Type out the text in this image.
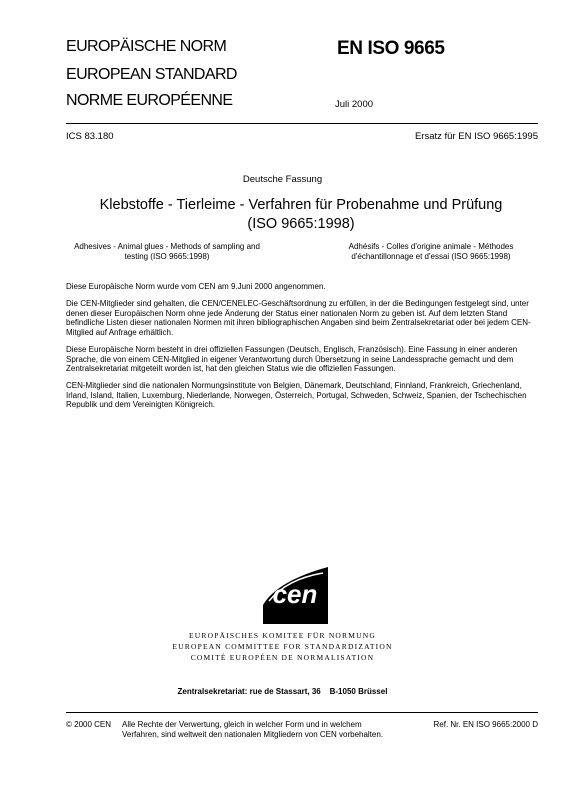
EUROPÄISCHE NORM
EUROPEAN STANDARD
NORME EUROPÉENNE
EN ISO 9665
Juli 2000
ICS 83.180	Ersatz für EN ISO 9665:1995
Deutsche Fassung
Klebstoffe - Tierleime - Verfahren für Probenahme und Prüfung
(ISO 9665:1998)
Adhesives - Animal glues - Methods of sampling and
testing (ISO 9665:1998)
Adhésifs - Colles d'origine animale - Méthodes
d'échantillonnage et d'essai (ISO 9665:1998)
Diese Europäische Norm wurde vom CEN am 9.Juni 2000 angenommen.
Die CEN-Mitglieder sind gehalten, die CEN/CENELEC-Geschäftsordnung zu erfüllen, in der die Bedingungen festgelegt sind, unter denen dieser Europäischen Norm ohne jede Änderung der Status einer nationalen Norm zu geben ist. Auf dem letzten Stand befindliche Listen dieser nationalen Normen mit ihren bibliographischen Angaben sind beim Zentralsekretariat oder bei jedem CEN-Mitglied auf Anfrage erhältlich.
Diese Europäische Norm besteht in drei offiziellen Fassungen (Deutsch, Englisch, Französisch). Eine Fassung in einer anderen Sprache, die von einem CEN-Mitglied in eigener Verantwortung durch Übersetzung in seine Landessprache gemacht und dem Zentralsekretariat mitgeteilt worden ist, hat den gleichen Status wie die offiziellen Fassungen.
CEN-Mitglieder sind die nationalen Normungsinstitute von Belgien, Dänemark, Deutschland, Finnland, Frankreich, Griechenland, Irland, Island, Italien, Luxemburg, Niederlande, Norwegen, Österreich, Portugal, Schweden, Schweiz, Spanien, der Tschechischen Republik und dem Vereinigten Königreich.
cen
EUROPÄISCHES KOMITEE FÜR NORMUNG
EUROPEAN COMMITTEE FOR STANDARDIZATION
COMITÉ EUROPÉEN DE NORMALISATION
Zentralsekretariat: rue de Stassart, 36    B-1050 Brüssel
© 2000 CEN Alle Rechte der Verwertung, gleich in welcher Form und in welchem
Verfahren, sind weltweit den nationalen Mitgliedern von CEN vorbehalten.
Ref. Nr. EN ISO 9665:2000 D
